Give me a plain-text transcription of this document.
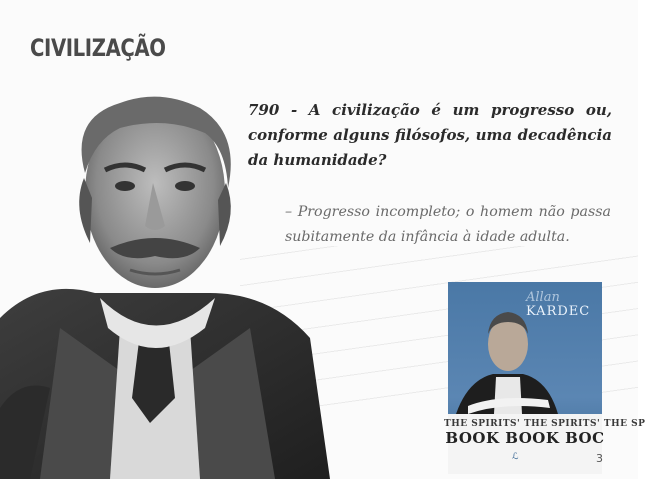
CIVILIZAÇÃO
790 - A civilização é um progresso ou, conforme alguns filósofos, uma decadência da humanidade?
– Progresso incompleto; o homem não passa subitamente da infância à idade adulta.
Allan
KARDEC
THE SPIRITS' THE SPIRITS' THE SP
BOOK BOOK BOC
ℒ	3
